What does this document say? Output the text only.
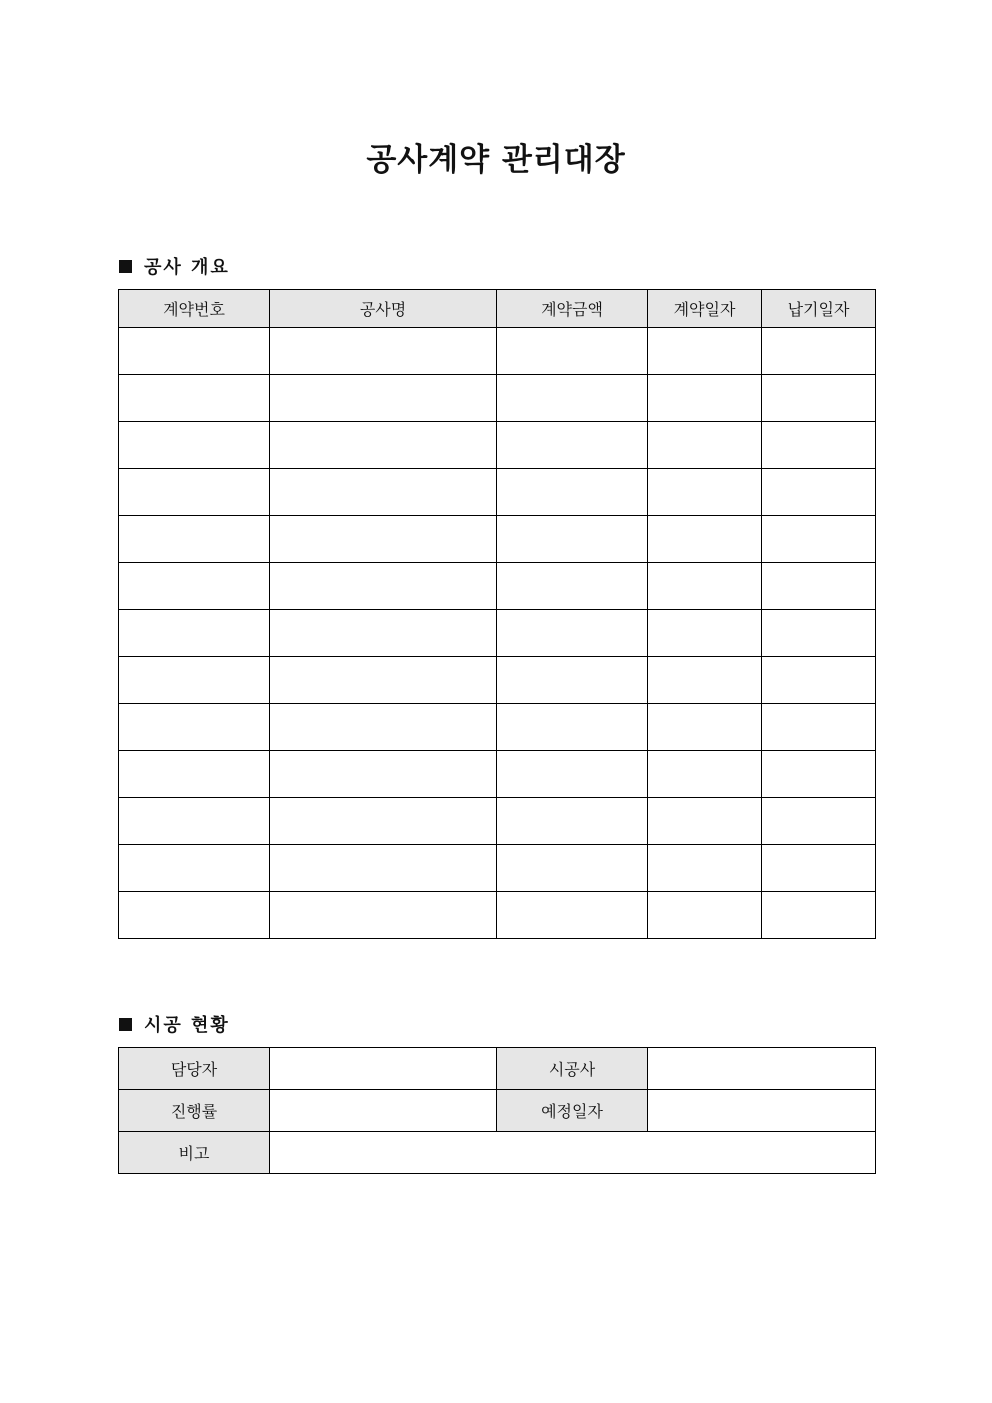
공사계약 관리대장
공사 개요
계약번호	공사명	계약금액	계약일자	납기일자

시공 현황
담당자		시공사	
진행률		예정일자	
비고			
